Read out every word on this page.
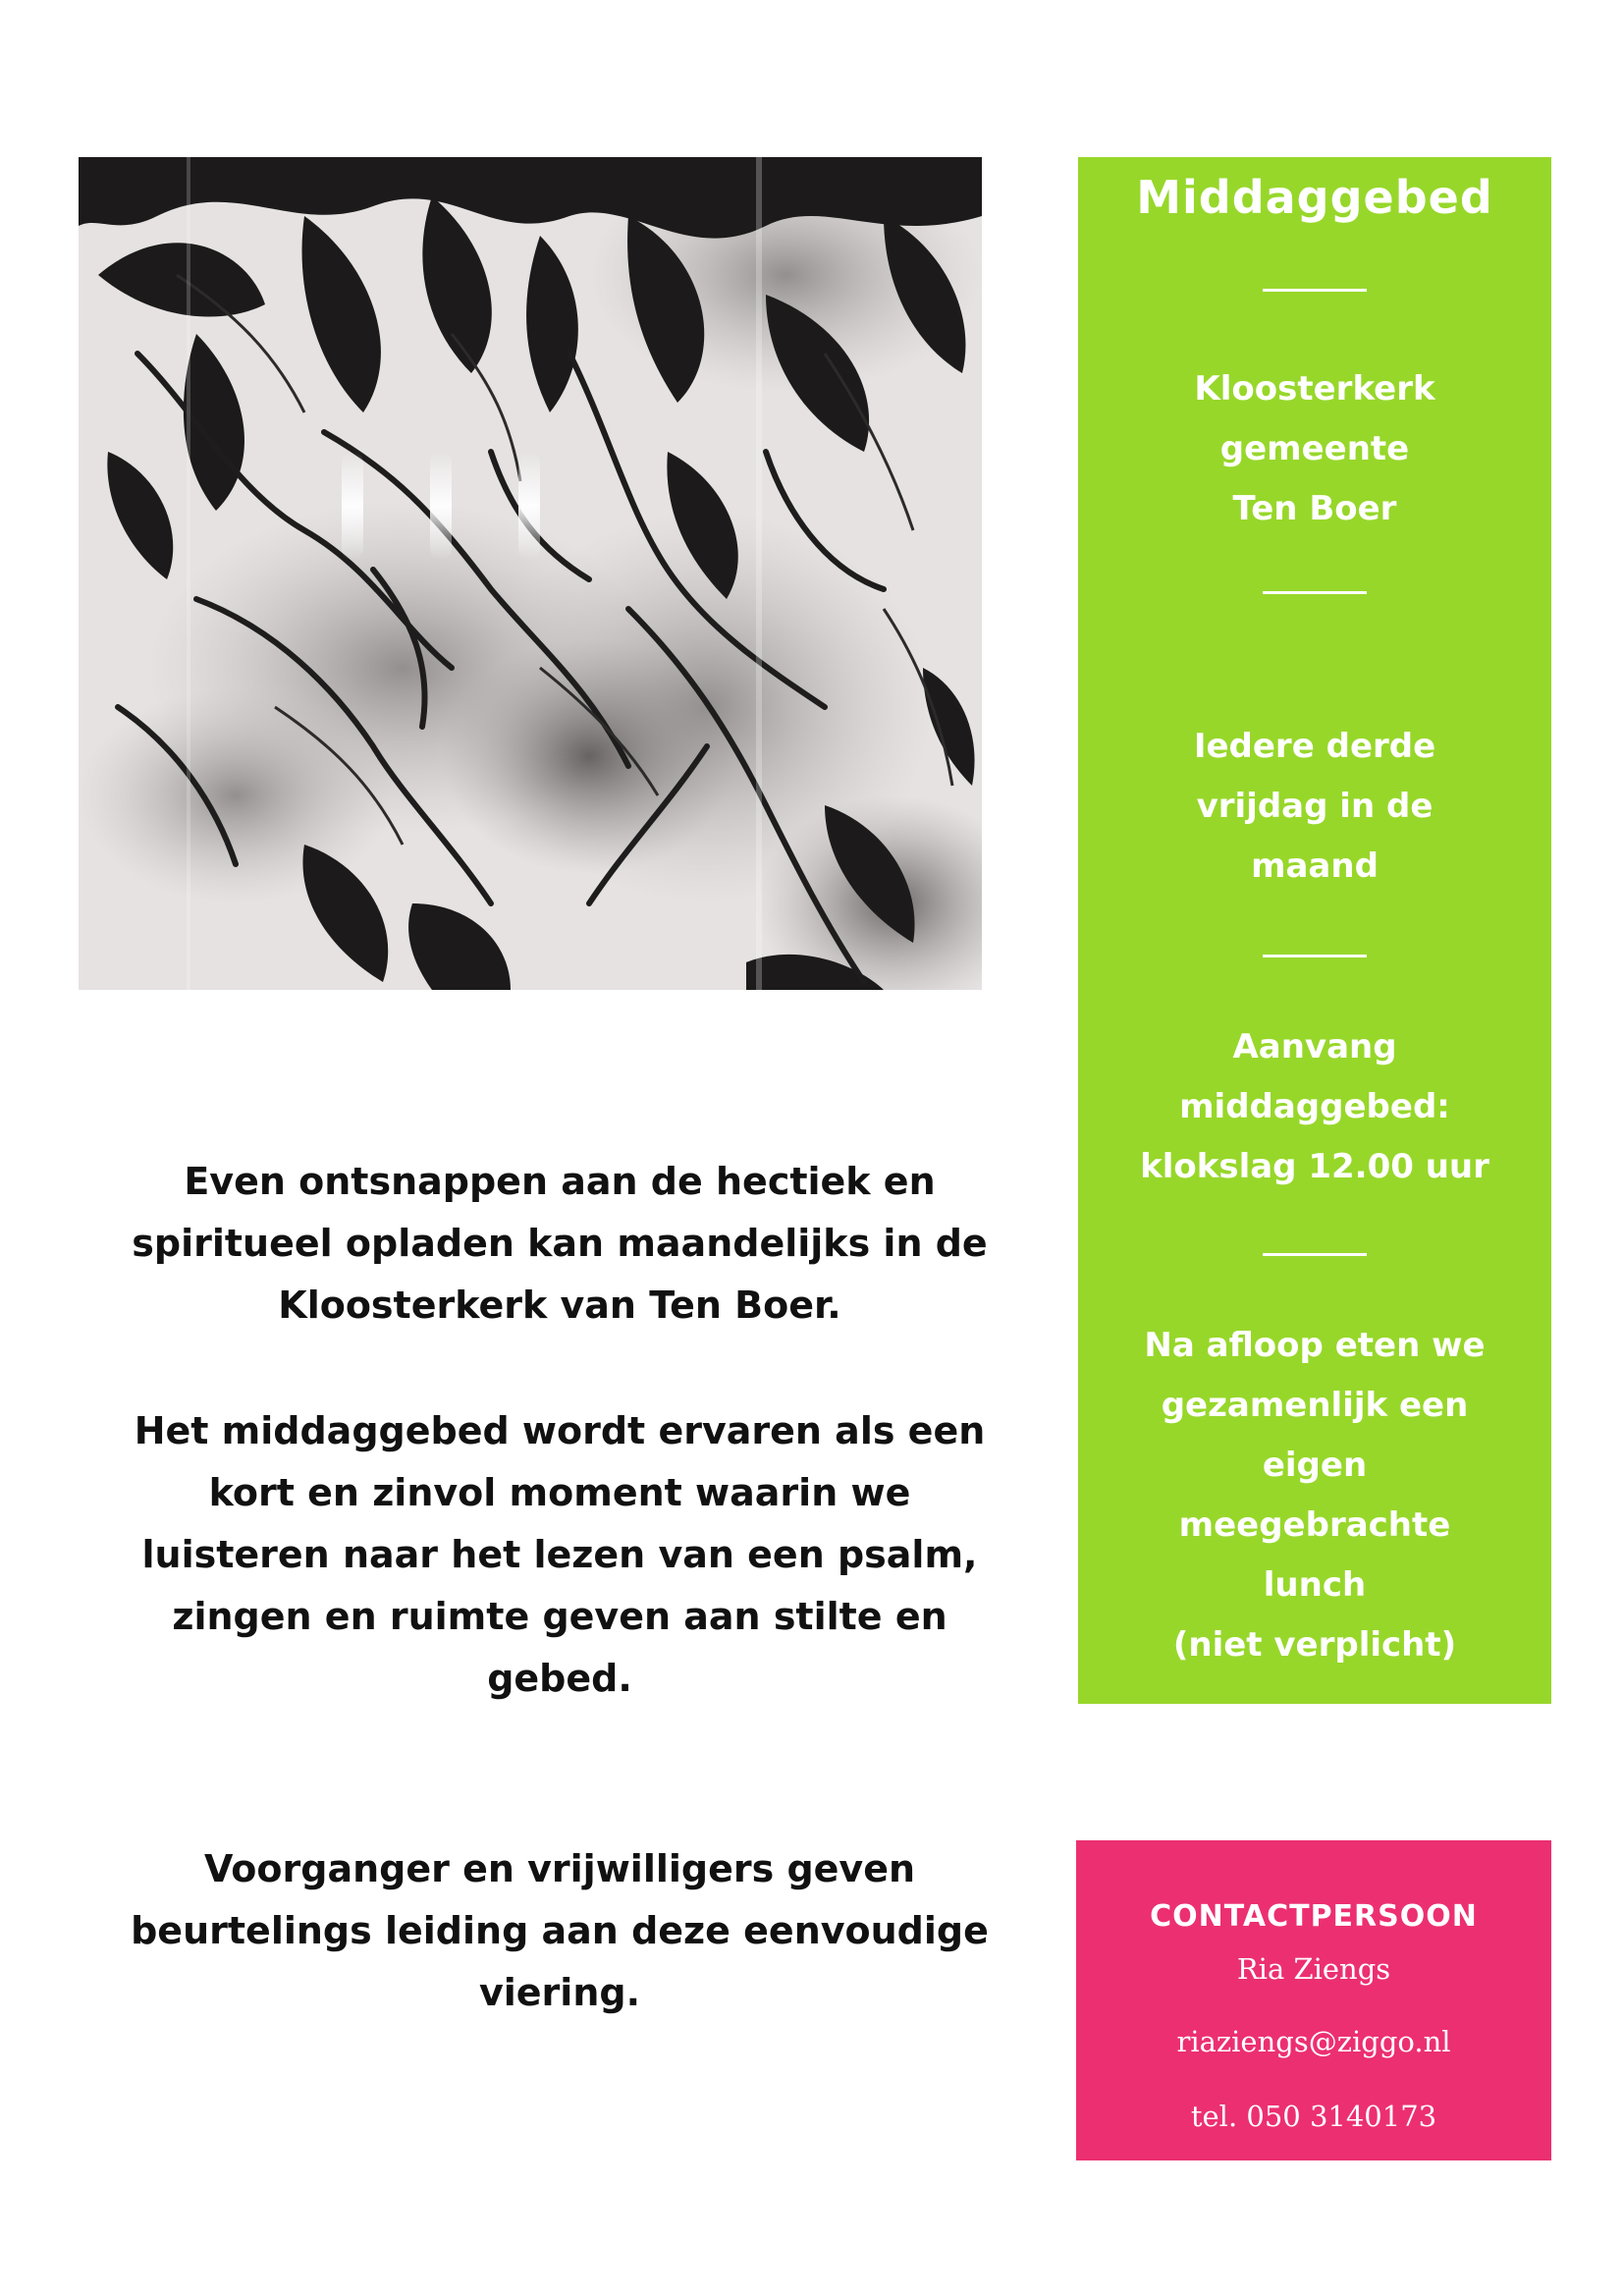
Middaggebed
Kloosterkerk
gemeente
Ten Boer
Iedere derde
vrijdag in de
maand
Aanvang
middaggebed:
klokslag 12.00 uur
Na afloop eten we
gezamenlijk een
eigen
meegebrachte
lunch
(niet verplicht)
Even ontsnappen aan de hectiek en
spiritueel opladen kan maandelijks in de
Kloosterkerk van Ten Boer.
Het middaggebed wordt ervaren als een
kort en zinvol moment waarin we
luisteren naar het lezen van een psalm,
zingen en ruimte geven aan stilte en
gebed.
Voorganger en vrijwilligers geven
beurtelings leiding aan deze eenvoudige
viering.
CONTACTPERSOON
Ria Ziengs
riaziengs@ziggo.nl
tel. 050 3140173
